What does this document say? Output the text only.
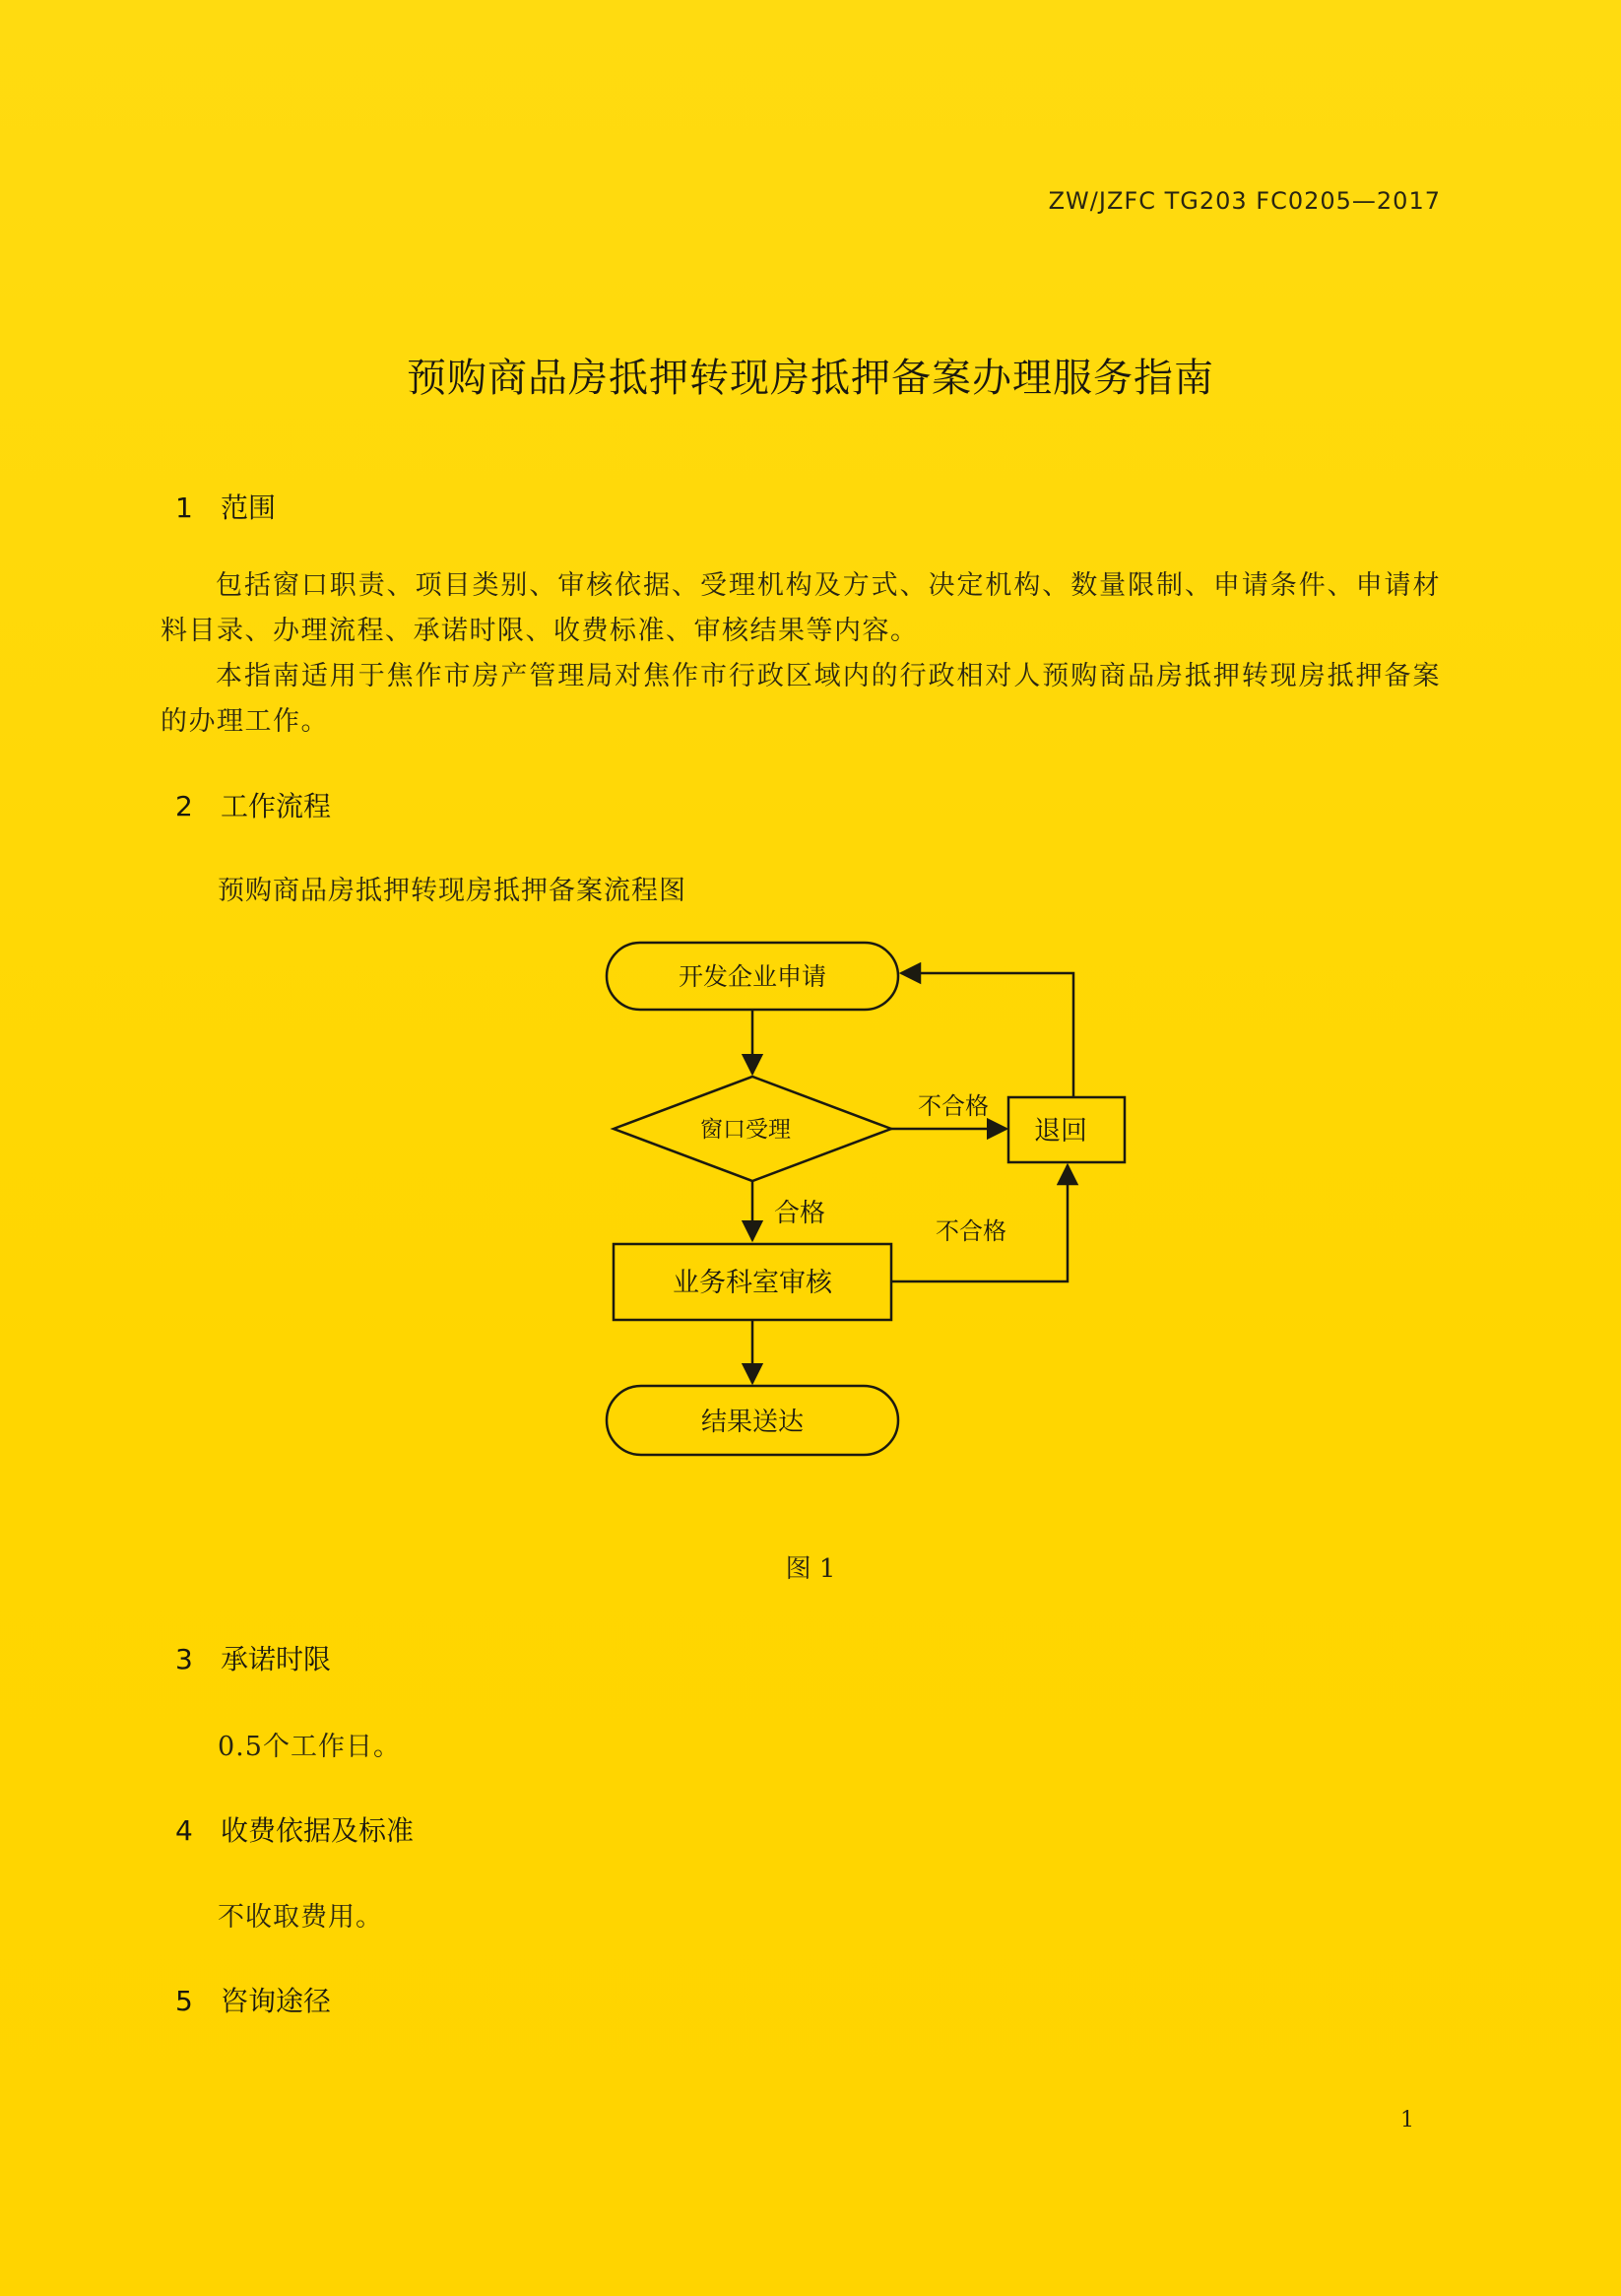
ZW/JZFC TG203 FC0205—2017
预购商品房抵押转现房抵押备案办理服务指南
1 范围
包括窗口职责、项目类别、审核依据、受理机构及方式、决定机构、数量限制、申请条件、申请材料目录、办理流程、承诺时限、收费标准、审核结果等内容。
本指南适用于焦作市房产管理局对焦作市行政区域内的行政相对人预购商品房抵押转现房抵押备案的办理工作。
2 工作流程
预购商品房抵押转现房抵押备案流程图
开发企业申请
窗口受理
不合格
退回
合格
业务科室审核
不合格
结果送达
图 1
3 承诺时限
0.5个工作日。
4 收费依据及标准
不收取费用。
5 咨询途径
1
